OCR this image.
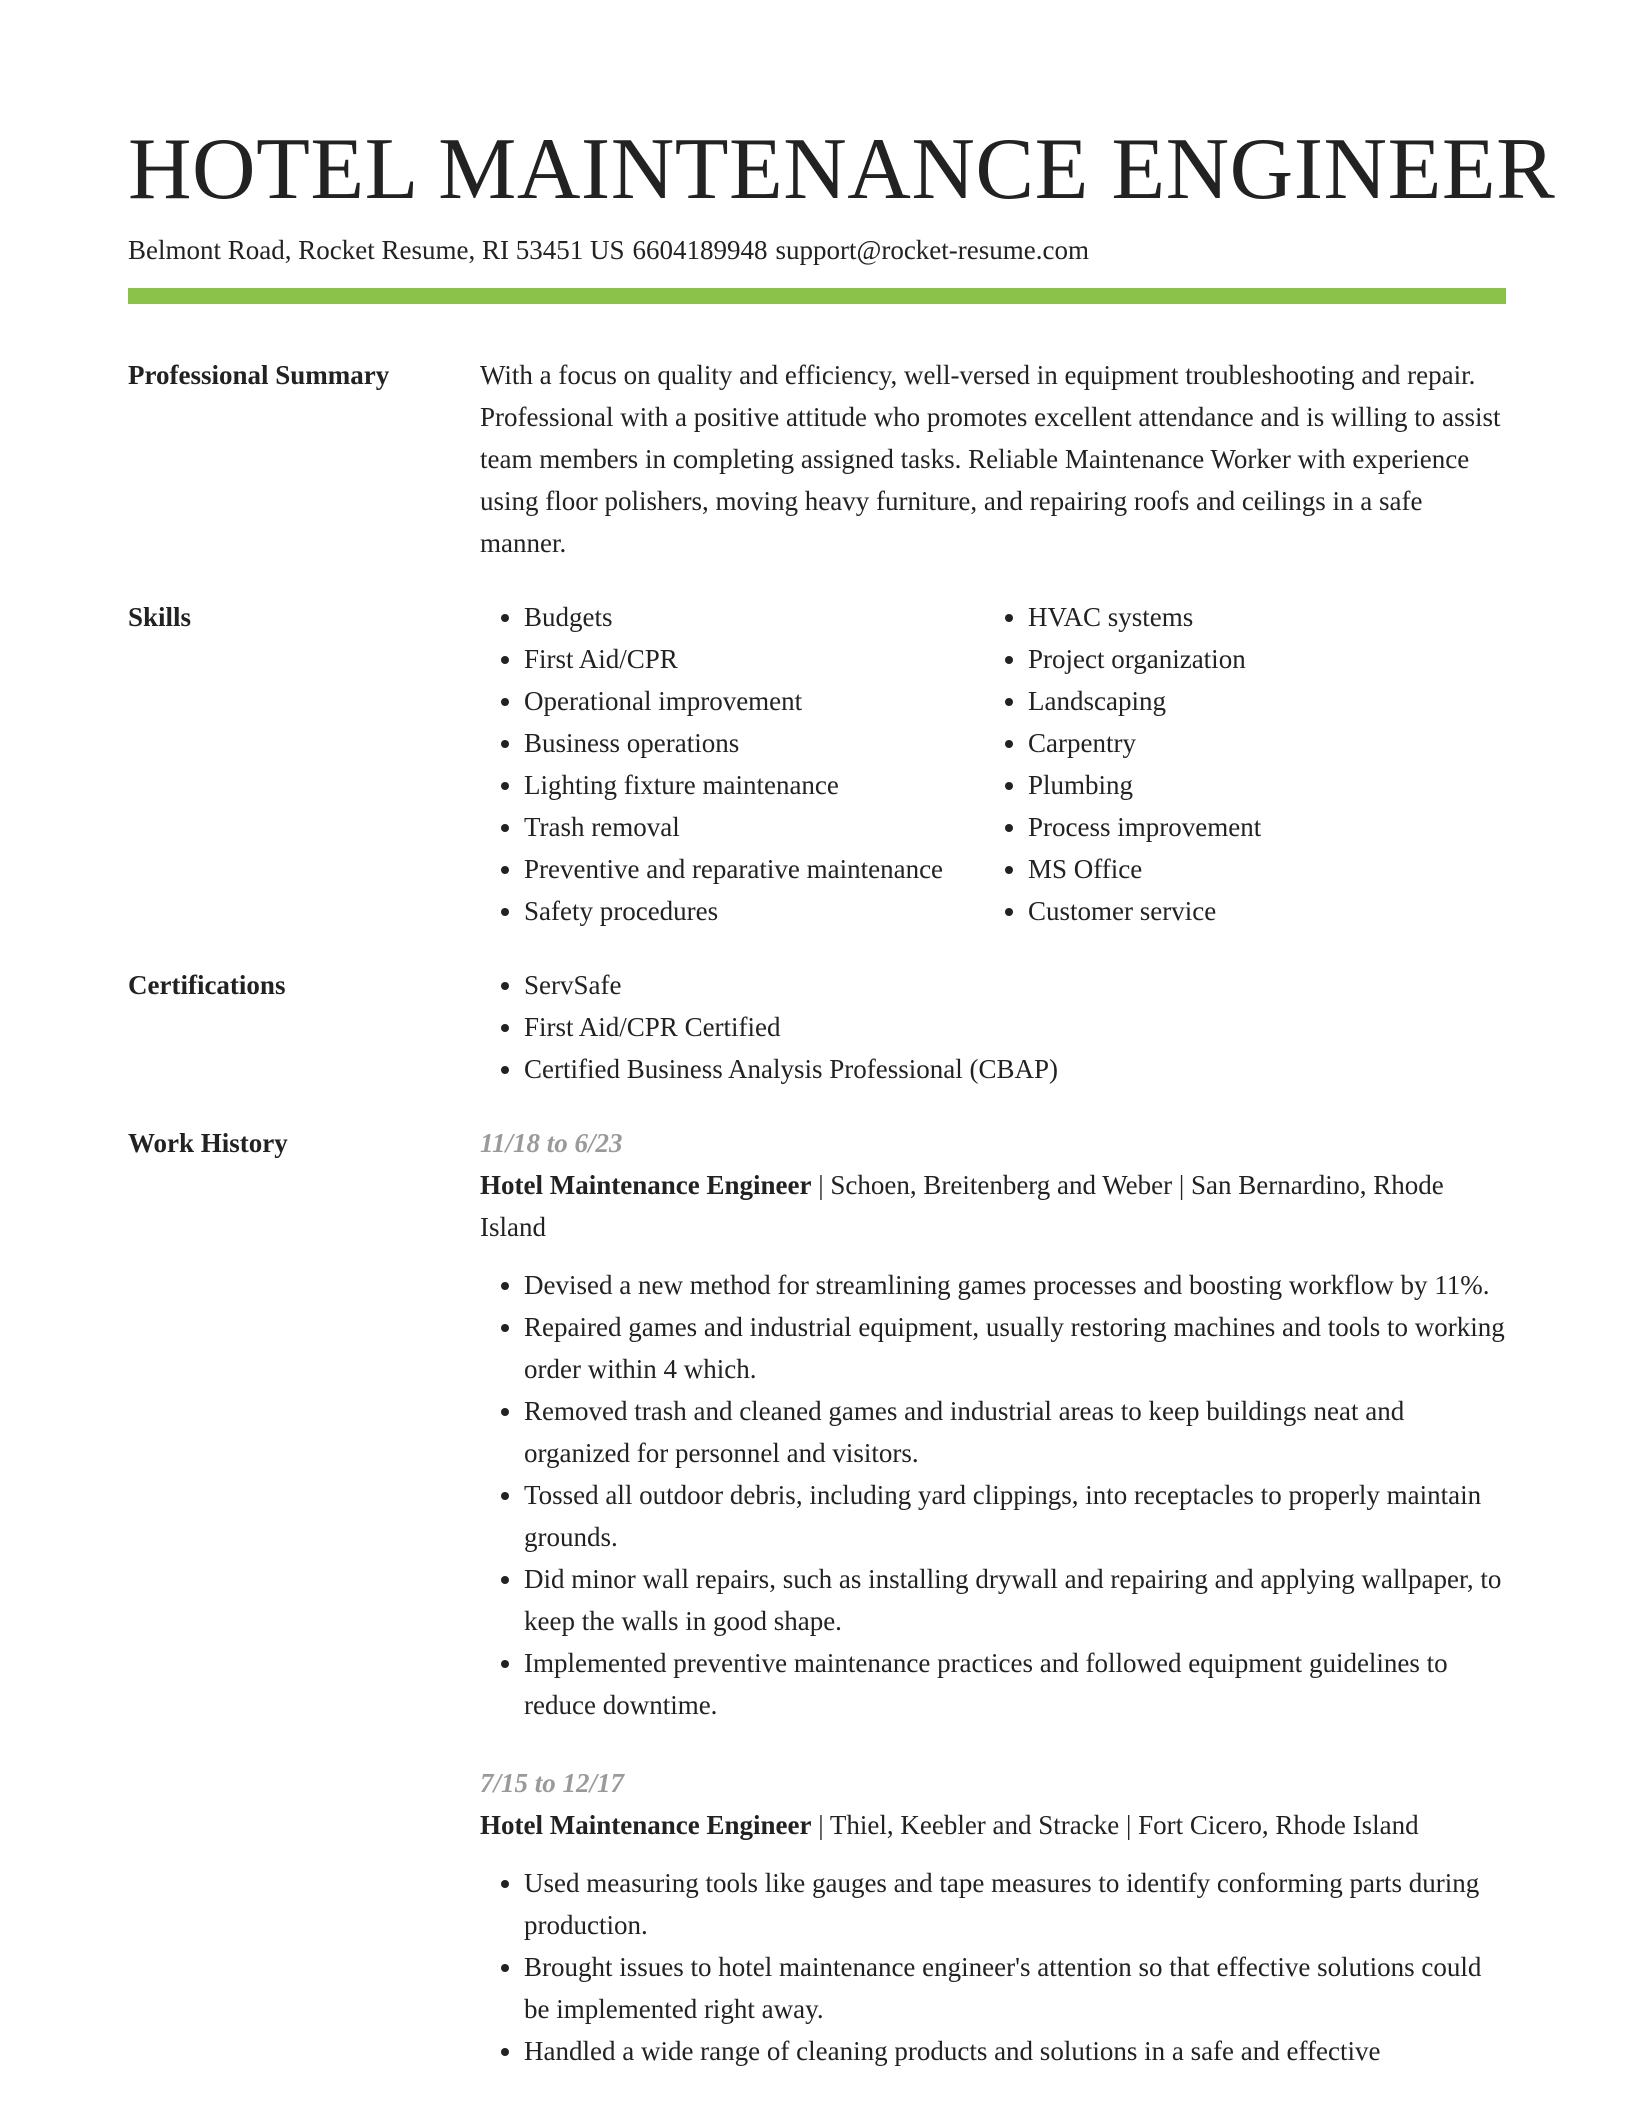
HOTEL MAINTENANCE ENGINEER
Belmont Road, Rocket Resume, RI 53451 US 6604189948 support@rocket-resume.com
Professional Summary	With a focus on quality and efficiency, well-versed in equipment troubleshooting and repair. Professional with a positive attitude who promotes excellent attendance and is willing to assist team members in completing assigned tasks. Reliable Maintenance Worker with experience using floor polishers, moving heavy furniture, and repairing roofs and ceilings in a safe manner.
Skills	• Budgets
• First Aid/CPR
• Operational improvement
• Business operations
• Lighting fixture maintenance
• Trash removal
• Preventive and reparative maintenance
• Safety procedures
• HVAC systems
• Project organization
• Landscaping
• Carpentry
• Plumbing
• Process improvement
• MS Office
• Customer service
Certifications	• ServSafe
• First Aid/CPR Certified
• Certified Business Analysis Professional (CBAP)
Work History	11/18 to 6/23
Hotel Maintenance Engineer | Schoen, Breitenberg and Weber | San Bernardino, Rhode Island
• Devised a new method for streamlining games processes and boosting workflow by 11%.
• Repaired games and industrial equipment, usually restoring machines and tools to working order within 4 which.
• Removed trash and cleaned games and industrial areas to keep buildings neat and organized for personnel and visitors.
• Tossed all outdoor debris, including yard clippings, into receptacles to properly maintain grounds.
• Did minor wall repairs, such as installing drywall and repairing and applying wallpaper, to keep the walls in good shape.
• Implemented preventive maintenance practices and followed equipment guidelines to reduce downtime.
7/15 to 12/17
Hotel Maintenance Engineer | Thiel, Keebler and Stracke | Fort Cicero, Rhode Island
• Used measuring tools like gauges and tape measures to identify conforming parts during production.
• Brought issues to hotel maintenance engineer's attention so that effective solutions could be implemented right away.
• Handled a wide range of cleaning products and solutions in a safe and effective
